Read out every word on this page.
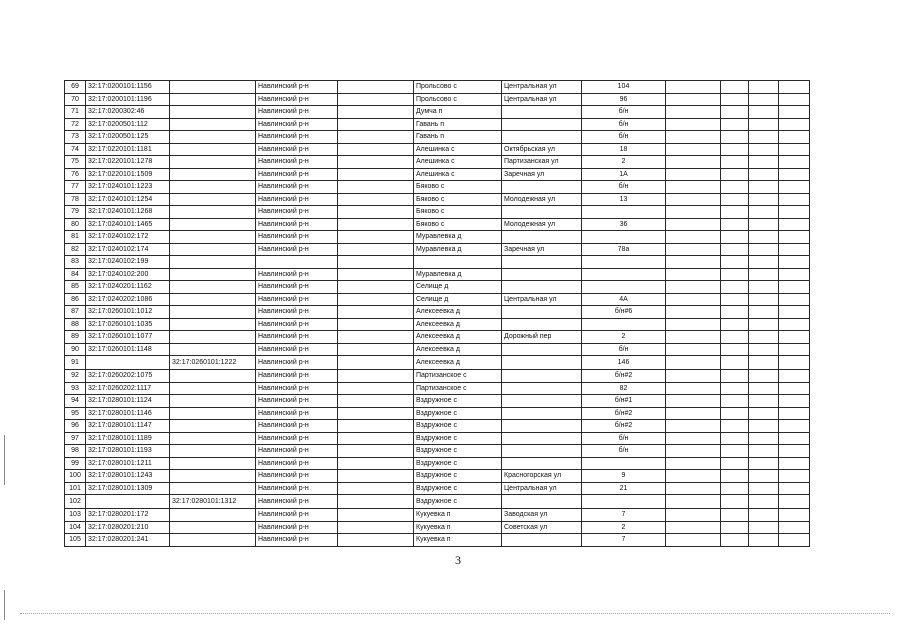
69	32:17:0200101:1156		Навлинский р-н		Прольсово с	Центральная ул	104				
70	32:17:0200101:1196		Навлинский р-н		Прольсово с	Центральная ул	96				
71	32:17:0200302:46		Навлинский р-н		Думча п		б/н				
72	32:17:0200501:112		Навлинский р-н		Гавань п		б/н				
73	32:17:0200501:125		Навлинский р-н		Гавань п		б/н				
74	32:17:0220101:1181		Навлинский р-н		Алешинка с	Октябрьская ул	18				
75	32:17:0220101:1278		Навлинский р-н		Алешинка с	Партизанская ул	2				
76	32:17:0220101:1509		Навлинский р-н		Алешинка с	Заречная ул	1А				
77	32:17:0240101:1223		Навлинский р-н		Бяково с		б/н				
78	32:17:0240101:1254		Навлинский р-н		Бяково с	Молодежная ул	13				
79	32:17:0240101:1268		Навлинский р-н		Бяково с						
80	32:17:0240101:1465		Навлинский р-н		Бяково с	Молодежная ул	36				
81	32:17:0240102:172		Навлинский р-н		Муравлевка д						
82	32:17:0240102:174		Навлинский р-н		Муравлевка д	Заречная ул	78а				
83	32:17:0240102:199										
84	32:17:0240102:200		Навлинский р-н		Муравлевка д						
85	32:17:0240201:1162		Навлинский р-н		Селище д						
86	32:17:0240202:1086		Навлинский р-н		Селище д	Центральная ул	4А				
87	32:17:0260101:1012		Навлинский р-н		Алексеевка д		б/н#6				
88	32:17:0260101:1035		Навлинский р-н		Алексеевка д						
89	32:17:0260101:1077		Навлинский р-н		Алексеевка д	Дорожный пер	2				
90	32:17:0260101:1148		Навлинский р-н		Алексеевка д		б/н				
91		32:17:0260101:1222	Навлинский р-н		Алексеевка д		146				
92	32:17:0260202:1075		Навлинский р-н		Партизанское с		б/н#2				
93	32:17:0260202:1117		Навлинский р-н		Партизанское с		82				
94	32:17:0280101:1124		Навлинский р-н		Вздружное с		б/н#1				
95	32:17:0280101:1146		Навлинский р-н		Вздружное с		б/н#2				
96	32:17:0280101:1147		Навлинский р-н		Вздружное с		б/н#2				
97	32:17:0280101:1189		Навлинский р-н		Вздружное с		б/н				
98	32:17:0280101:1193		Навлинский р-н		Вздружное с		б/н				
99	32:17:0280101:1211		Навлинский р-н		Вздружное с						
100	32:17:0280101:1243		Навлинский р-н		Вздружное с	Красногорская ул	9				
101	32:17:0280101:1309		Навлинский р-н		Вздружное с	Центральная ул	21				
102		32:17:0280101:1312	Навлинский р-н		Вздружное с						
103	32:17:0280201:172		Навлинский р-н		Кукуевка п	Заводская ул	7				
104	32:17:0280201:210		Навлинский р-н		Кукуевка п	Советская ул	2				
105	32:17:0280201:241		Навлинский р-н		Кукуевка п		7				
3
